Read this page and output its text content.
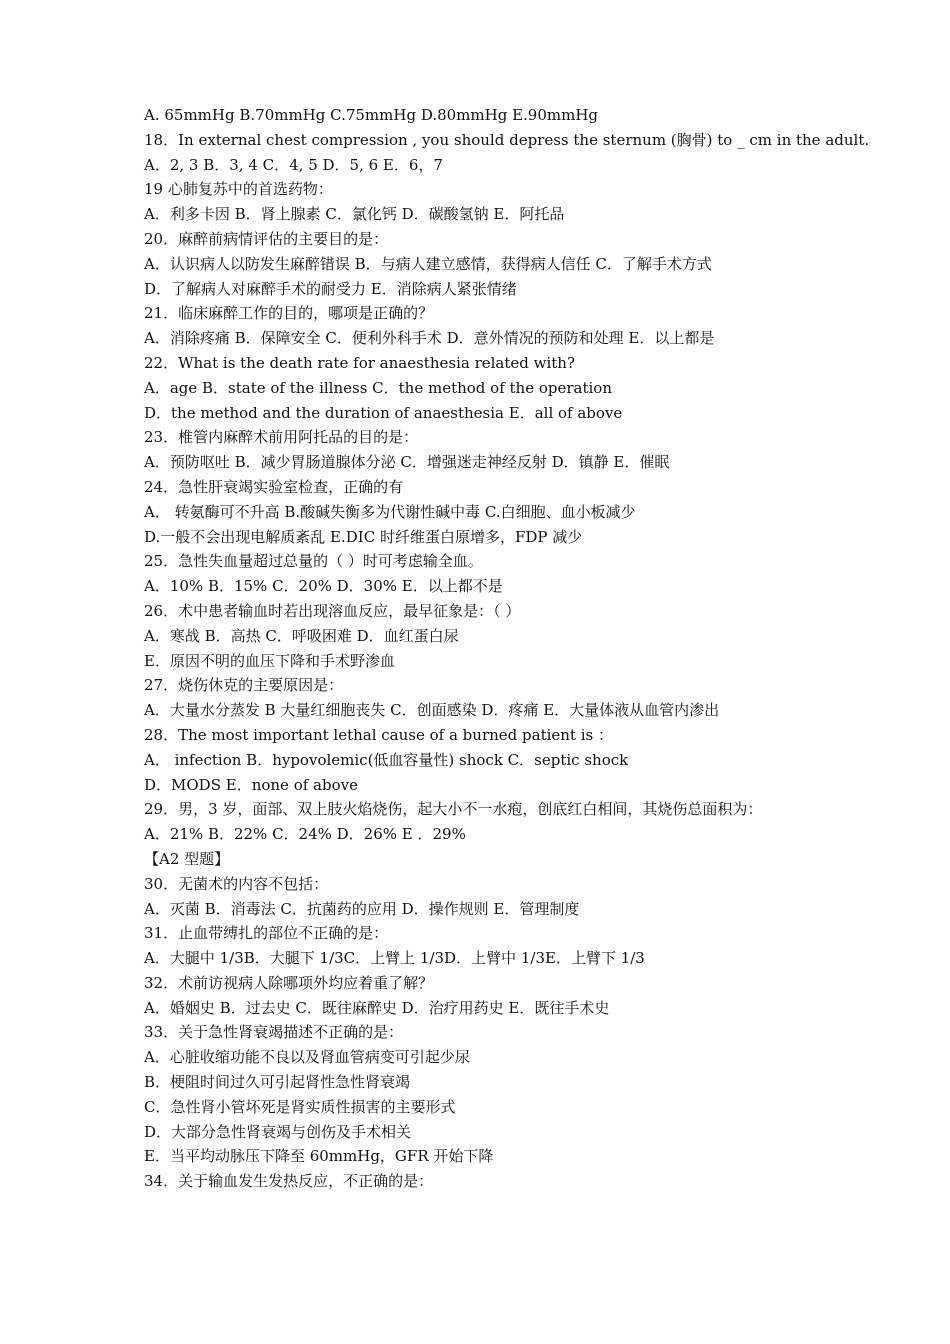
A. 65mmHg B.70mmHg C.75mmHg D.80mmHg E.90mmHg
18．In external chest compression , you should depress the sternum (胸骨) to _ cm in the adult.
A．2, 3 B．3, 4 C．4, 5 D．5, 6 E．6，7
19 心肺复苏中的首选药物：
A．利多卡因 B．肾上腺素 C．氯化钙 D．碳酸氢钠 E．阿托品
20．麻醉前病情评估的主要目的是：
A．认识病人以防发生麻醉错误 B．与病人建立感情，获得病人信任 C．了解手术方式
D．了解病人对麻醉手术的耐受力 E．消除病人紧张情绪
21．临床麻醉工作的目的，哪项是正确的？
A．消除疼痛 B．保障安全 C．便利外科手术 D．意外情况的预防和处理 E．以上都是
22．What is the death rate for anaesthesia related with?
A．age B．state of the illness C．the method of the operation
D．the method and the duration of anaesthesia E．all of above
23．椎管内麻醉术前用阿托品的目的是：
A．预防呕吐 B．减少胃肠道腺体分泌 C．增强迷走神经反射 D．镇静 E．催眠
24．急性肝衰竭实验室检查，正确的有
A． 转氨酶可不升高 B.酸碱失衡多为代谢性碱中毒 C.白细胞、血小板减少
D.一般不会出现电解质紊乱 E.DIC 时纤维蛋白原增多，FDP 减少
25．急性失血量超过总量的（ ）时可考虑输全血。
A．10% B．15% C．20% D．30% E．以上都不是
26．术中患者输血时若出现溶血反应，最早征象是：（ ）
A．寒战 B．高热 C．呼吸困难 D．血红蛋白尿
E．原因不明的血压下降和手术野渗血
27．烧伤休克的主要原因是：
A．大量水分蒸发 B 大量红细胞丧失 C．创面感染 D．疼痛 E．大量体液从血管内渗出
28．The most important lethal cause of a burned patient is ：
A． infection B．hypovolemic(低血容量性) shock C．septic shock
D．MODS E．none of above
29．男，3 岁，面部、双上肢火焰烧伤，起大小不一水疱，创底红白相间，其烧伤总面积为：
A．21% B．22% C．24% D．26% E ．29%
【A2 型题】
30．无菌术的内容不包括：
A．灭菌 B．消毒法 C．抗菌药的应用 D．操作规则 E．管理制度
31．止血带缚扎的部位不正确的是：
A．大腿中 1/3B．大腿下 1/3C．上臂上 1/3D．上臂中 1/3E．上臂下 1/3
32．术前访视病人除哪项外均应着重了解？
A．婚姻史 B．过去史 C．既往麻醉史 D．治疗用药史 E．既往手术史
33．关于急性肾衰竭描述不正确的是：
A．心脏收缩功能不良以及肾血管病变可引起少尿
B．梗阻时间过久可引起肾性急性肾衰竭
C．急性肾小管坏死是肾实质性损害的主要形式
D．大部分急性肾衰竭与创伤及手术相关
E．当平均动脉压下降至 60mmHg，GFR 开始下降
34．关于输血发生发热反应，不正确的是：
